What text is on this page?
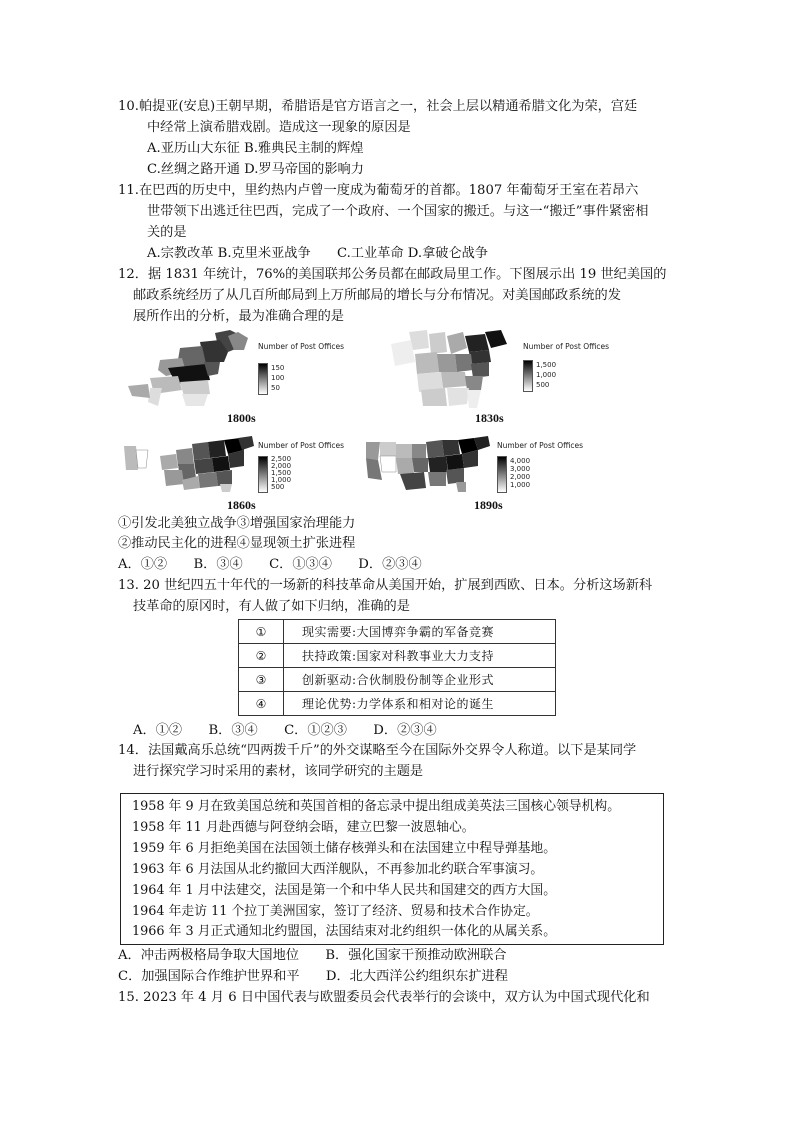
10.帕提亚(安息)王朝早期，希腊语是官方语言之一，社会上层以精通希腊文化为荣，宫廷
中经常上演希腊戏剧。造成这一现象的原因是
A.亚历山大东征 B.雅典民主制的辉煌
C.丝绸之路开通 D.罗马帝国的影响力
11.在巴西的历史中，里约热内卢曾一度成为葡萄牙的首都。1807 年葡萄牙王室在若昂六
世带领下出逃迁往巴西，完成了一个政府、一个国家的搬迁。与这一“搬迁”事件紧密相
关的是
A.宗教改革 B.克里米亚战争　　C.工业革命 D.拿破仑战争
12．据 1831 年统计，76%的美国联邦公务员都在邮政局里工作。下图展示出 19 世纪美国的
邮政系统经历了从几百所邮局到上万所邮局的增长与分布情况。对美国邮政系统的发
展所作出的分析，最为准确合理的是
Number of Post Offices
150
100
50
1800s
Number of Post Offices
1,500
1,000
500
1830s
Number of Post Offices
2,500
2,000
1,500
1,000
500
1860s
Number of Post Offices
4,000
3,000
2,000
1,000
1890s
①引发北美独立战争③增强国家治理能力
②推动民主化的进程④显现领土扩张进程
A．①②　　B．③④　　C．①③④　　D．②③④
13. 20 世纪四五十年代的一场新的科技革命从美国开始，扩展到西欧、日本。分析这场新科
技革命的原冈时，有人做了如下归纳，准确的是
①	现实需要:大国博弈争霸的军备竞赛
②	扶持政策:国家对科教事业大力支持
③	创新驱动:合伙制股份制等企业形式
④	理论优势:力学体系和相对论的诞生
A．①②　　B．③④　　C．①②③　　D．②③④
14．法国戴高乐总统“四两拨千斤”的外交谋略至今在国际外交界令人称道。以下是某同学
进行探究学习时采用的素材，该同学研究的主题是
1958 年 9 月在致美国总统和英国首相的备忘录中提出组成美英法三国核心领导机构。
1958 年 11 月赴西德与阿登纳会晤，建立巴黎一波恩轴心。
1959 年 6 月拒绝美国在法国领土储存核弹头和在法国建立中程导弹基地。
1963 年 6 月法国从北约撤回大西洋舰队，不再参加北约联合军事演习。
1964 年 1 月中法建交，法国是第一个和中华人民共和国建交的西方大国。
1964 年走访 11 个拉丁美洲国家，签订了经济、贸易和技术合作协定。
1966 年 3 月正式通知北约盟国，法国结束对北约组织一体化的从属关系。
A．冲击两极格局争取大国地位　　B．强化国家干预推动欧洲联合
C．加强国际合作维护世界和平　　D．北大西洋公约组织东扩进程
15. 2023 年 4 月 6 日中国代表与欧盟委员会代表举行的会谈中，双方认为中国式现代化和
